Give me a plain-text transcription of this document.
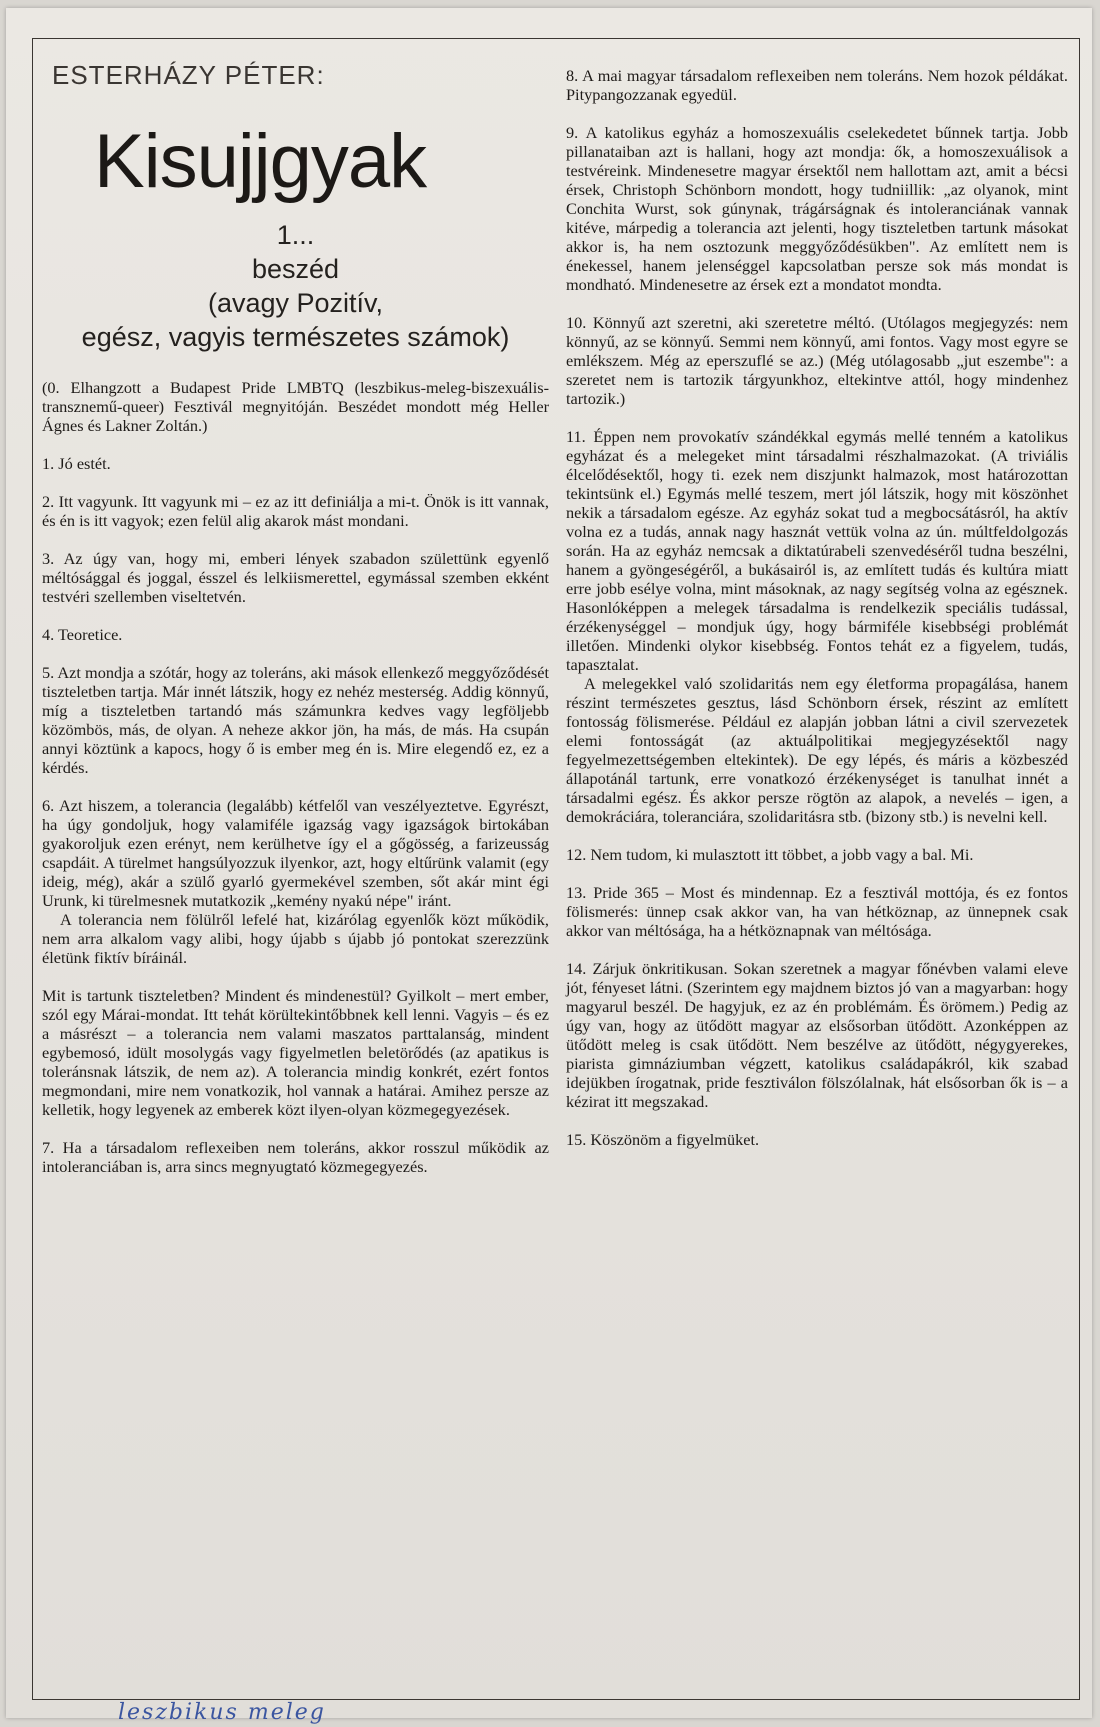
ESTERHÁZY PÉTER:
Kisujjgyak
1...
beszéd
(avagy Pozitív,
egész, vagyis természetes számok)

(0. Elhangzott a Budapest Pride LMBTQ (leszbikus-meleg-biszexuális-transznemű-queer) Fesztivál megnyitóján. Beszédet mondott még Heller Ágnes és Lakner Zoltán.)

1. Jó estét.

2. Itt vagyunk. Itt vagyunk mi – ez az itt definiálja a mi-t. Önök is itt vannak, és én is itt vagyok; ezen felül alig akarok mást mondani.

3. Az úgy van, hogy mi, emberi lények szabadon születtünk egyenlő méltósággal és joggal, ésszel és lelkiismerettel, egymással szemben ekként testvéri szellemben viseltetvén.

4. Teoretice.

5. Azt mondja a szótár, hogy az toleráns, aki mások ellenkező meggyőződését tiszteletben tartja. Már innét látszik, hogy ez nehéz mesterség. Addig könnyű, míg a tiszteletben tartandó más számunkra kedves vagy legföljebb közömbös, más, de olyan. A neheze akkor jön, ha más, de más. Ha csupán annyi köztünk a kapocs, hogy ő is ember meg én is. Mire elegendő ez, ez a kérdés.

6. Azt hiszem, a tolerancia (legalább) kétfelől van veszélyeztetve. Egyrészt, ha úgy gondoljuk, hogy valamiféle igazság vagy igazságok birtokában gyakoroljuk ezen erényt, nem kerülhetve így el a gőgösség, a farizeusság csapdáit. A türelmet hangsúlyozzuk ilyenkor, azt, hogy eltűrünk valamit (egy ideig, még), akár a szülő gyarló gyermekével szemben, sőt akár mint égi Urunk, ki türelmesnek mutatkozik „kemény nyakú népe" iránt.

A tolerancia nem fölülről lefelé hat, kizárólag egyenlők közt működik, nem arra alkalom vagy alibi, hogy újabb s újabb jó pontokat szerezzünk életünk fiktív bíráinál.

Mit is tartunk tiszteletben? Mindent és mindenestül? Gyilkolt – mert ember, szól egy Márai-mondat. Itt tehát körültekintőbbnek kell lenni. Vagyis – és ez a másrészt – a tolerancia nem valami maszatos parttalanság, mindent egybemosó, idült mosolygás vagy figyelmetlen beletörődés (az apatikus is toleránsnak látszik, de nem az). A tolerancia mindig konkrét, ezért fontos megmondani, mire nem vonatkozik, hol vannak a határai. Amihez persze az kelletik, hogy legyenek az emberek közt ilyen-olyan közmegegyezések.

7. Ha a társadalom reflexeiben nem toleráns, akkor rosszul működik az intoleranciában is, arra sincs megnyugtató közmegegyezés.

8. A mai magyar társadalom reflexeiben nem toleráns. Nem hozok példákat. Pitypangozzanak egyedül.

9. A katolikus egyház a homoszexuális cselekedetet bűnnek tartja. Jobb pillanataiban azt is hallani, hogy azt mondja: ők, a homoszexuálisok a testvéreink. Mindenesetre magyar érsektől nem hallottam azt, amit a bécsi érsek, Christoph Schönborn mondott, hogy tudniillik: „az olyanok, mint Conchita Wurst, sok gúnynak, trágárságnak és intoleranciának vannak kitéve, márpedig a tolerancia azt jelenti, hogy tiszteletben tartunk másokat akkor is, ha nem osztozunk meggyőződésükben". Az említett nem is énekessel, hanem jelenséggel kapcsolatban persze sok más mondat is mondható. Mindenesetre az érsek ezt a mondatot mondta.

10. Könnyű azt szeretni, aki szeretetre méltó. (Utólagos megjegyzés: nem könnyű, az se könnyű. Semmi nem könnyű, ami fontos. Vagy most egyre se emlékszem. Még az eperszuflé se az.) (Még utólagosabb „jut eszembe": a szeretet nem is tartozik tárgyunkhoz, eltekintve attól, hogy mindenhez tartozik.)

11. Éppen nem provokatív szándékkal egymás mellé tenném a katolikus egyházat és a melegeket mint társadalmi részhalmazokat. (A triviális élcelődésektől, hogy ti. ezek nem diszjunkt halmazok, most határozottan tekintsünk el.) Egymás mellé teszem, mert jól látszik, hogy mit köszönhet nekik a társadalom egésze. Az egyház sokat tud a megbocsátásról, ha aktív volna ez a tudás, annak nagy hasznát vettük volna az ún. múltfeldolgozás során. Ha az egyház nemcsak a diktatúrabeli szenvedéséről tudna beszélni, hanem a gyöngeségéről, a bukásairól is, az említett tudás és kultúra miatt erre jobb esélye volna, mint másoknak, az nagy segítség volna az egésznek. Hasonlóképpen a melegek társadalma is rendelkezik speciális tudással, érzékenységgel – mondjuk úgy, hogy bármiféle kisebbségi problémát illetően. Mindenki olykor kisebbség. Fontos tehát ez a figyelem, tudás, tapasztalat.

A melegekkel való szolidaritás nem egy életforma propagálása, hanem részint természetes gesztus, lásd Schönborn érsek, részint az említett fontosság fölismerése. Például ez alapján jobban látni a civil szervezetek elemi fontosságát (az aktuálpolitikai megjegyzésektől nagy fegyelmezettségemben eltekintek). De egy lépés, és máris a közbeszéd állapotánál tartunk, erre vonatkozó érzékenységet is tanulhat innét a társadalmi egész. És akkor persze rögtön az alapok, a nevelés – igen, a demokráciára, toleranciára, szolidaritásra stb. (bizony stb.) is nevelni kell.

12. Nem tudom, ki mulasztott itt többet, a jobb vagy a bal. Mi.

13. Pride 365 – Most és mindennap. Ez a fesztivál mottója, és ez fontos fölismerés: ünnep csak akkor van, ha van hétköznap, az ünnepnek csak akkor van méltósága, ha a hétköznapnak van méltósága.

14. Zárjuk önkritikusan. Sokan szeretnek a magyar főnévben valami eleve jót, fényeset látni. (Szerintem egy majdnem biztos jó van a magyarban: hogy magyarul beszél. De hagyjuk, ez az én problémám. És örömem.) Pedig az úgy van, hogy az ütődött magyar az elsősorban ütődött. Azonképpen az ütődött meleg is csak ütődött. Nem beszélve az ütődött, négygyerekes, piarista gimnáziumban végzett, katolikus családapákról, kik szabad idejükben írogatnak, pride fesztiválon fölszólalnak, hát elsősorban ők is – a kézirat itt megszakad.

15. Köszönöm a figyelmüket.

leszbikus meleg
